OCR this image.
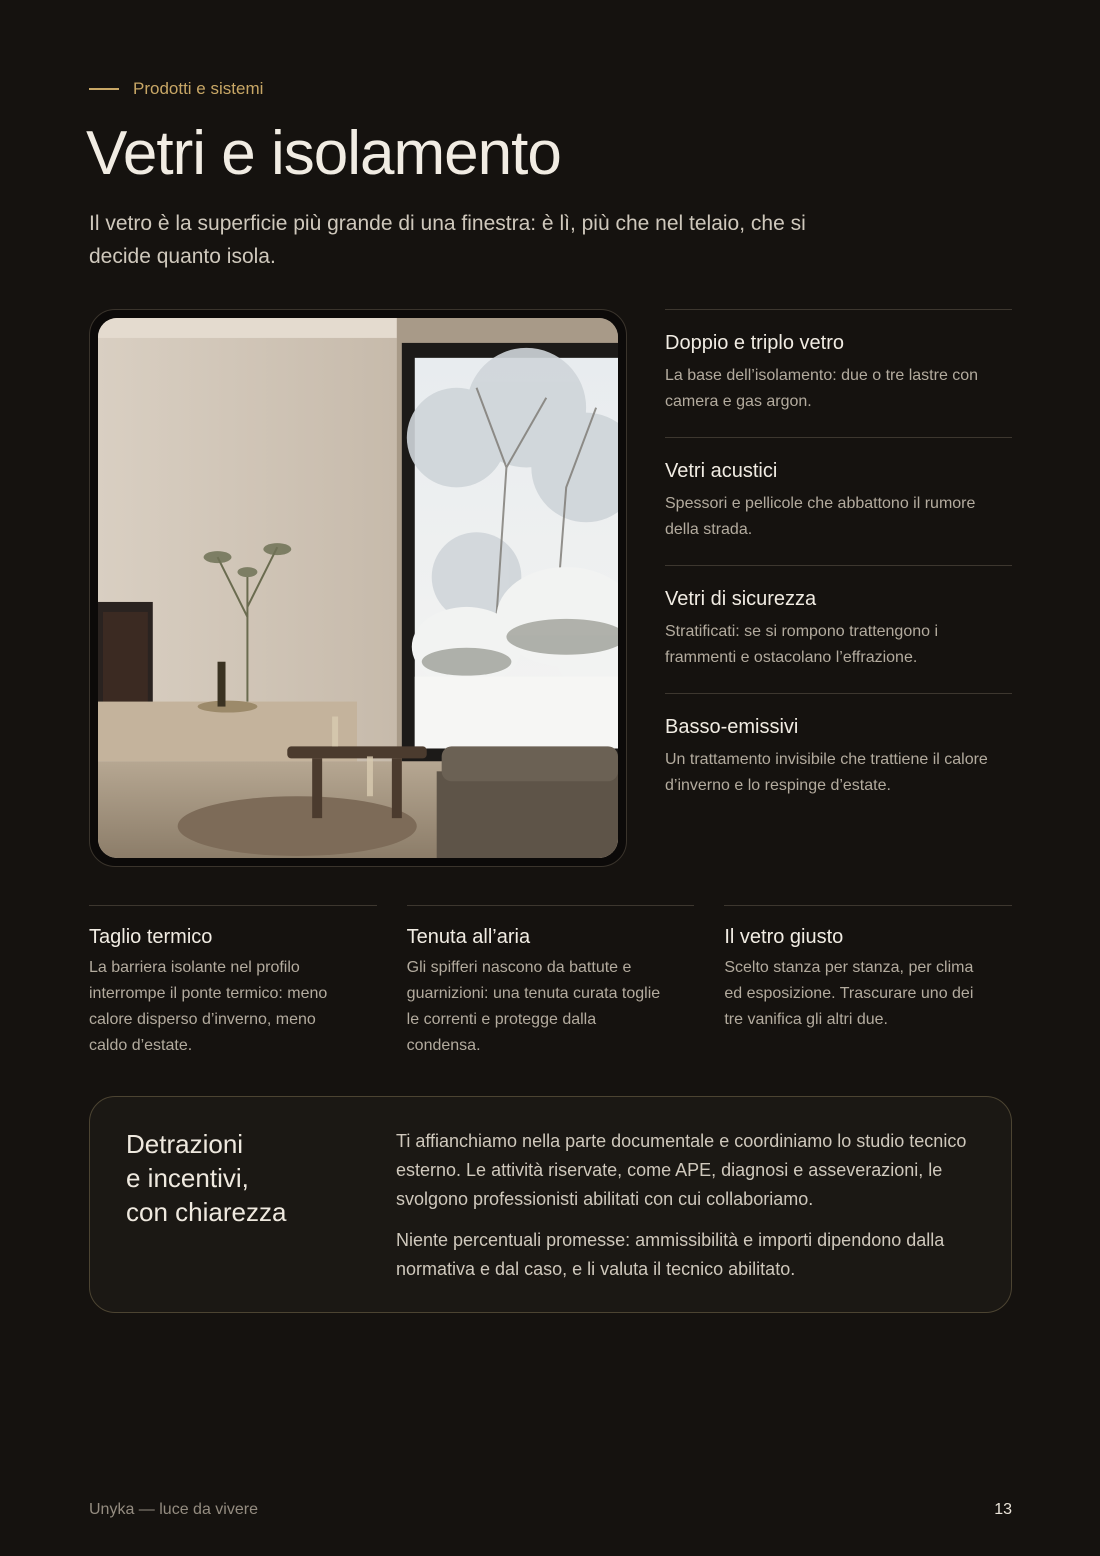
Prodotti e sistemi
Vetri e isolamento

Il vetro è la superficie più grande di una finestra: è lì, più che nel telaio, che si decide quanto isola.

Doppio e triplo vetro

La base dell’isolamento: due o tre lastre con camera e gas argon.

Vetri acustici

Spessori e pellicole che abbattono il rumore della strada.

Vetri di sicurezza

Stratificati: se si rompono trattengono i frammenti e ostacolano l’effrazione.

Basso-emissivi

Un trattamento invisibile che trattiene il calore d’inverno e lo respinge d’estate.

Taglio termico

La barriera isolante nel profilo interrompe il ponte termico: meno calore disperso d’inverno, meno caldo d’estate.

Tenuta all’aria

Gli spifferi nascono da battute e guarnizioni: una tenuta curata toglie le correnti e protegge dalla condensa.

Il vetro giusto

Scelto stanza per stanza, per clima ed esposizione. Trascurare uno dei tre vanifica gli altri due.

Detrazioni
e incentivi,
con chiarezza

Ti affianchiamo nella parte documentale e coordiniamo lo studio tecnico esterno. Le attività riservate, come APE, diagnosi e asseverazioni, le svolgono professionisti abilitati con cui collaboriamo.

Niente percentuali promesse: ammissibilità e importi dipendono dalla normativa e dal caso, e li valuta il tecnico abilitato.

Unyka — luce da vivere	13
